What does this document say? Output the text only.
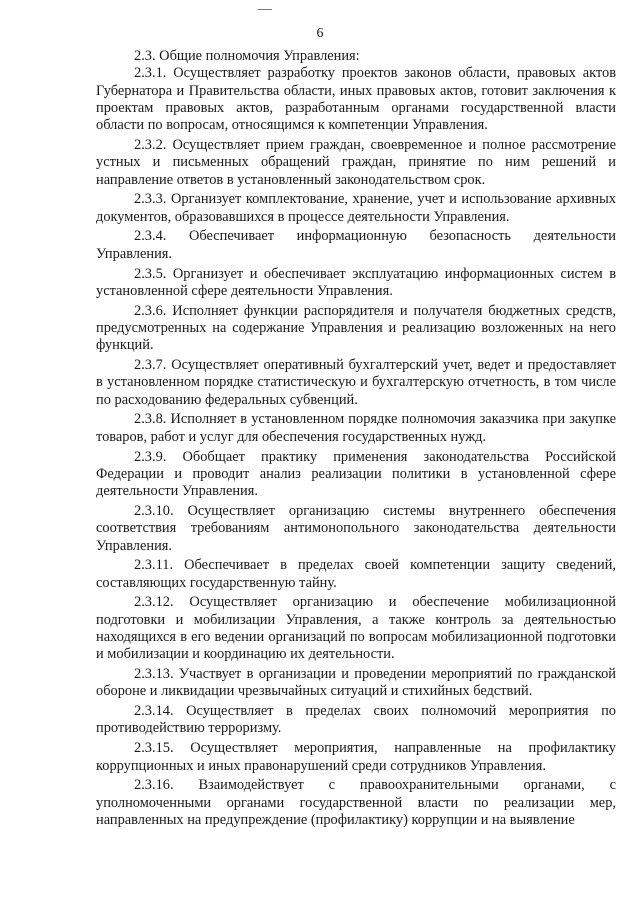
6

2.3. Общие полномочия Управления:

2.3.1. Осуществляет разработку проектов законов области, правовых актов Губернатора и Правительства области, иных правовых актов, готовит заключения к проектам правовых актов, разработанным органами государственной власти области по вопросам, относящимся к компетенции Управления.

2.3.2. Осуществляет прием граждан, своевременное и полное рассмотрение устных и письменных обращений граждан, принятие по ним решений и направление ответов в установленный законодательством срок.

2.3.3. Организует комплектование, хранение, учет и использование архивных документов, образовавшихся в процессе деятельности Управления.

2.3.4. Обеспечивает информационную безопасность деятельности Управления.

2.3.5. Организует и обеспечивает эксплуатацию информационных систем в установленной сфере деятельности Управления.

2.3.6. Исполняет функции распорядителя и получателя бюджетных средств, предусмотренных на содержание Управления и реализацию возложенных на него функций.

2.3.7. Осуществляет оперативный бухгалтерский учет, ведет и предоставляет в установленном порядке статистическую и бухгалтерскую отчетность, в том числе по расходованию федеральных субвенций.

2.3.8. Исполняет в установленном порядке полномочия заказчика при закупке товаров, работ и услуг для обеспечения государственных нужд.

2.3.9. Обобщает практику применения законодательства Российской Федерации и проводит анализ реализации политики в установленной сфере деятельности Управления.

2.3.10. Осуществляет организацию системы внутреннего обеспечения соответствия требованиям антимонопольного законодательства деятельности Управления.

2.3.11. Обеспечивает в пределах своей компетенции защиту сведений, составляющих государственную тайну.

2.3.12. Осуществляет организацию и обеспечение мобилизационной подготовки и мобилизации Управления, а также контроль за деятельностью находящихся в его ведении организаций по вопросам мобилизационной подготовки и мобилизации и координацию их деятельности.

2.3.13. Участвует в организации и проведении мероприятий по гражданской обороне и ликвидации чрезвычайных ситуаций и стихийных бедствий.

2.3.14. Осуществляет в пределах своих полномочий мероприятия по противодействию терроризму.

2.3.15. Осуществляет мероприятия, направленные на профилактику коррупционных и иных правонарушений среди сотрудников Управления.

2.3.16. Взаимодействует с правоохранительными органами, с уполномоченными органами государственной власти по реализации мер, направленных на предупреждение (профилактику) коррупции и на выявление
